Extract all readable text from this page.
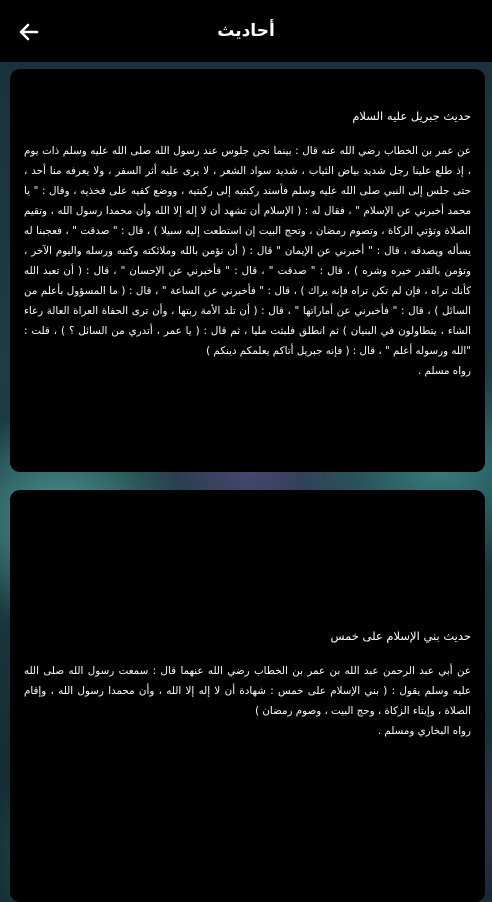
أحاديث
حديث جبريل عليه السلام
عن عمر بن الخطاب رضي الله عنه قال : بينما نحن جلوس عند رسول الله صلى الله عليه وسلم ذات يوم ، إذ طلع علينا رجل شديد بياض الثياب ، شديد سواد الشعر ، لا يرى عليه أثر السفر ، ولا يعرفه منا أحد ، حتى جلس إلى النبي صلى الله عليه وسلم فأسند ركبتيه إلى ركبتيه ، ووضع كفيه على فخذيه ، وقال : " يا محمد أخبرني عن الإسلام " ، فقال له : ( الإسلام أن تشهد أن لا إله إلا الله وأن محمدا رسول الله ، وتقيم الصلاة وتؤتي الزكاة ، وتصوم رمضان ، وتحج البيت إن استطعت إليه سبيلا ) ، قال : " صدقت " ، فعجبنا له يسأله ويصدقه ، قال : " أخبرني عن الإيمان " قال : ( أن تؤمن بالله وملائكته وكتبه ورسله واليوم الآخر ، وتؤمن بالقدر خيره وشره ) ، قال : " صدقت " ، قال : " فأخبرني عن الإحسان " ، قال : ( أن تعبد الله كأنك تراه ، فإن لم تكن تراه فإنه يراك ) ، قال : " فأخبرني عن الساعة " ، قال : ( ما المسؤول بأعلم من السائل ) ، قال : " فأخبرني عن أماراتها " ، قال : ( أن تلد الأمة ربتها ، وأن ترى الحفاة العراة العالة رعاء الشاء ، يتطاولون في البنيان ) ثم انطلق فلبثت مليا ، ثم قال : ( يا عمر ، أتدري من السائل ؟ ) ، قلت : "الله ورسوله أعلم " ، قال : ( فإنه جبريل أتاكم يعلمكم دينكم )
رواه مسلم .
حديث بني الإسلام على خمس
عن أبي عبد الرحمن عبد الله بن عمر بن الخطاب رضي الله عنهما قال : سمعت رسول الله صلى الله عليه وسلم يقول : ( بني الإسلام على خمس : شهادة أن لا إله إلا الله ، وأن محمدا رسول الله ، وإقام الصلاة ، وإيتاء الزكاة ، وحج البيت ، وصوم رمضان )
رواه البخاري ومسلم .
